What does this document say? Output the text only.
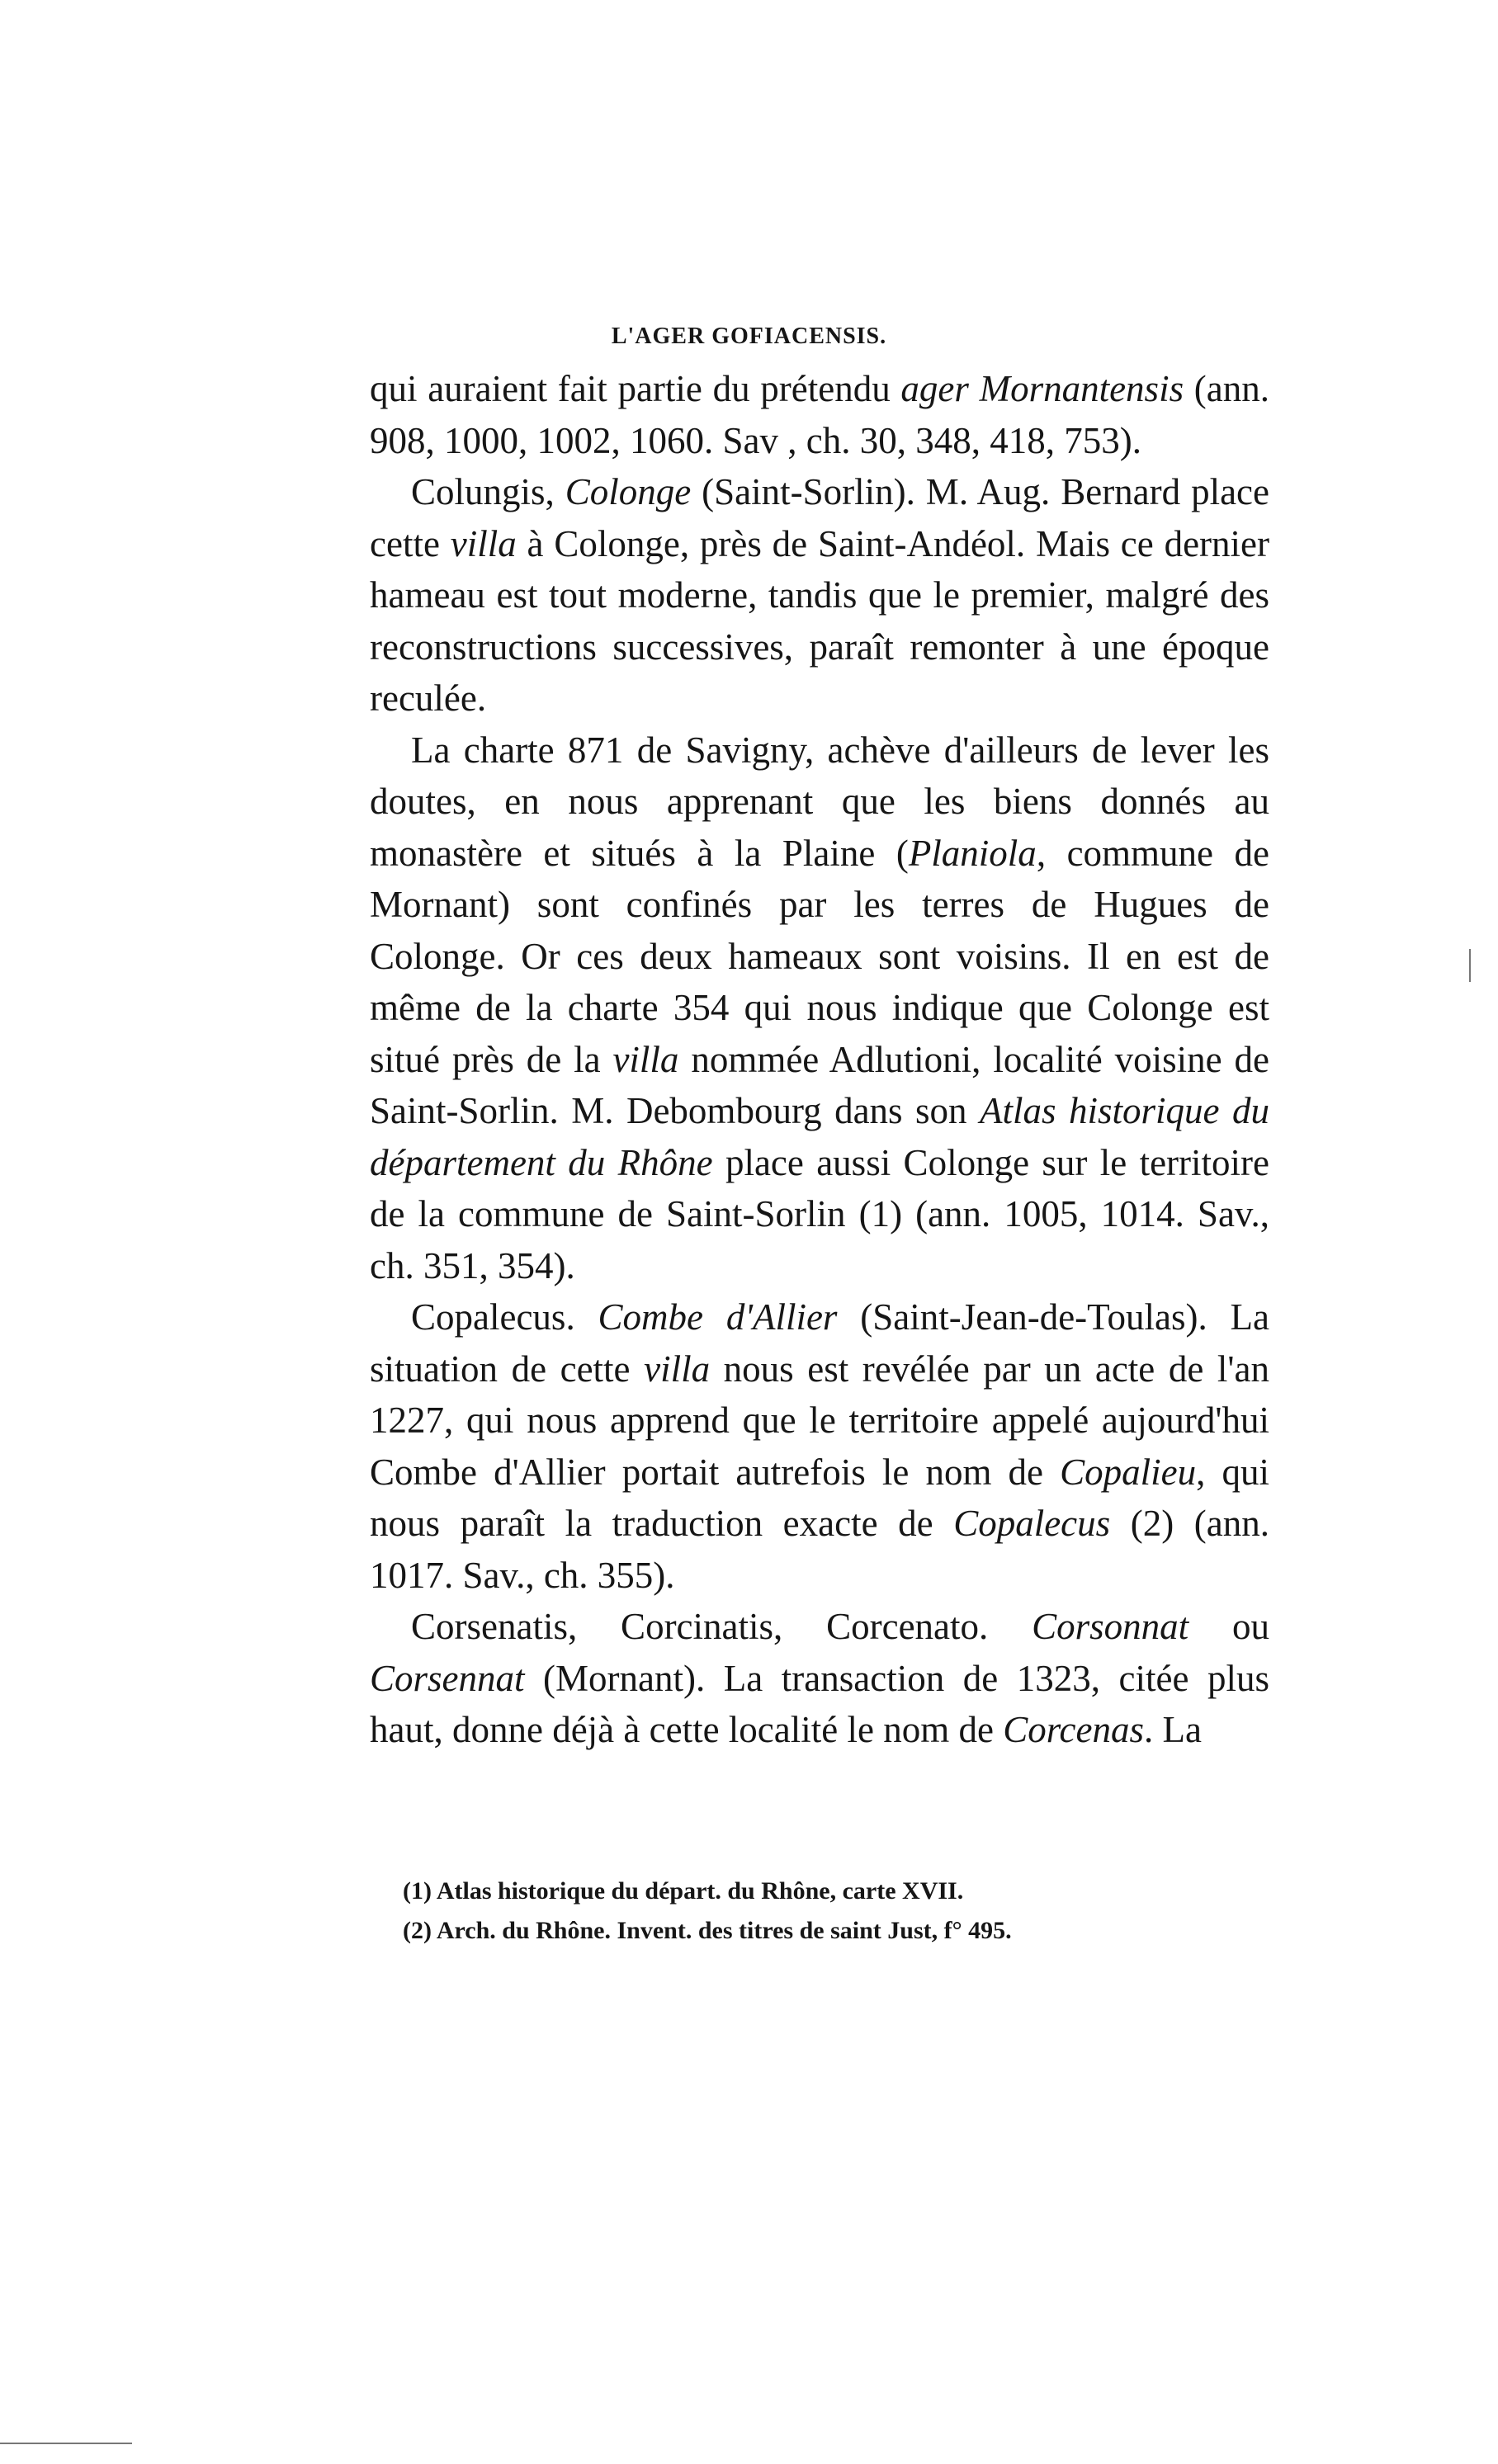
L'AGER GOFIACENSIS.

qui auraient fait partie du prétendu ager Mornantensis (ann. 908, 1000, 1002, 1060. Sav , ch. 30, 348, 418, 753).

Colungis, Colonge (Saint-Sorlin). M. Aug. Bernard place cette villa à Colonge, près de Saint-Andéol. Mais ce dernier hameau est tout moderne, tandis que le premier, malgré des reconstructions successives, paraît remonter à une époque reculée.

La charte 871 de Savigny, achève d'ailleurs de lever les doutes, en nous apprenant que les biens donnés au monastère et situés à la Plaine (Planiola, commune de Mornant) sont confinés par les terres de Hugues de Colonge. Or ces deux hameaux sont voisins. Il en est de même de la charte 354 qui nous indique que Colonge est situé près de la villa nommée Adlutioni, localité voisine de Saint-Sorlin. M. Debombourg dans son Atlas historique du département du Rhône place aussi Colonge sur le territoire de la commune de Saint-Sorlin (1) (ann. 1005, 1014. Sav., ch. 351, 354).

Copalecus. Combe d'Allier (Saint-Jean-de-Toulas). La situation de cette villa nous est revélée par un acte de l'an 1227, qui nous apprend que le territoire appelé aujourd'hui Combe d'Allier portait autrefois le nom de Copalieu, qui nous paraît la traduction exacte de Copalecus (2) (ann. 1017. Sav., ch. 355).

Corsenatis, Corcinatis, Corcenato. Corsonnat ou Corsennat (Mornant). La transaction de 1323, citée plus haut, donne déjà à cette localité le nom de Corcenas. La

(1) Atlas historique du départ. du Rhône, carte XVII.
(2) Arch. du Rhône. Invent. des titres de saint Just, f° 495.
